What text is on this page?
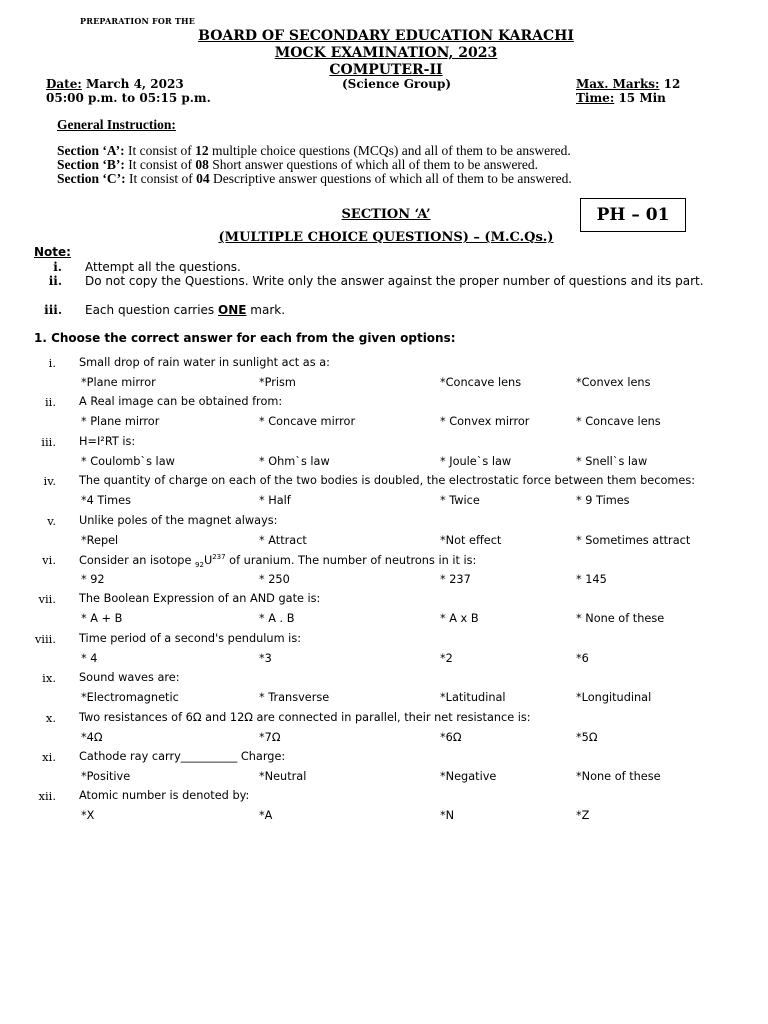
PREPARATION FOR THE
BOARD OF SECONDARY EDUCATION KARACHI
MOCK EXAMINATION, 2023
COMPUTER-II
Date: March 4, 2023
05:00 p.m. to 05:15 p.m.
(Science Group)	Max. Marks: 12
Time: 15 Min
General Instruction:
Section ‘A’: It consist of 12 multiple choice questions (MCQs) and all of them to be answered.
Section ‘B’: It consist of 08 Short answer questions of which all of them to be answered.
Section ‘C’: It consist of 04 Descriptive answer questions of which all of them to be answered.
PH – 01
SECTION ‘A’
(MULTIPLE CHOICE QUESTIONS) – (M.C.Qs.)
Note:
i. Attempt all the questions.
ii. Do not copy the Questions. Write only the answer against the proper number of questions and its part.
iii. Each question carries ONE mark.
1. Choose the correct answer for each from the given options:
i. Small drop of rain water in sunlight act as a:
*Plane mirror	*Prism	*Concave lens	*Convex lens
ii. A Real image can be obtained from:
* Plane mirror	* Concave mirror	* Convex mirror	* Concave lens
iii. H=I²RT is:
* Coulomb`s law	* Ohm`s law	* Joule`s law	* Snell`s law
iv. The quantity of charge on each of the two bodies is doubled, the electrostatic force between them becomes:
*4 Times	* Half	* Twice	* 9 Times
v. Unlike poles of the magnet always:
*Repel	* Attract	*Not effect	* Sometimes attract
vi. Consider an isotope $_{92}U^{237}$ of uranium. The number of neutrons in it is:
* 92	* 250	* 237	* 145
vii. The Boolean Expression of an AND gate is:
* A + B	* A . B	* A x B	* None of these
viii. Time period of a second's pendulum is:
* 4	*3	*2	*6
ix. Sound waves are:
*Electromagnetic	* Transverse	*Latitudinal	*Longitudinal
x. Two resistances of 6Ω and 12Ω are connected in parallel, their net resistance is:
*4Ω	*7Ω	*6Ω	*5Ω
xi. Cathode ray carry__________ Charge:
*Positive	*Neutral	*Negative	*None of these
xii. Atomic number is denoted by:
*X	*A	*N	*Z
